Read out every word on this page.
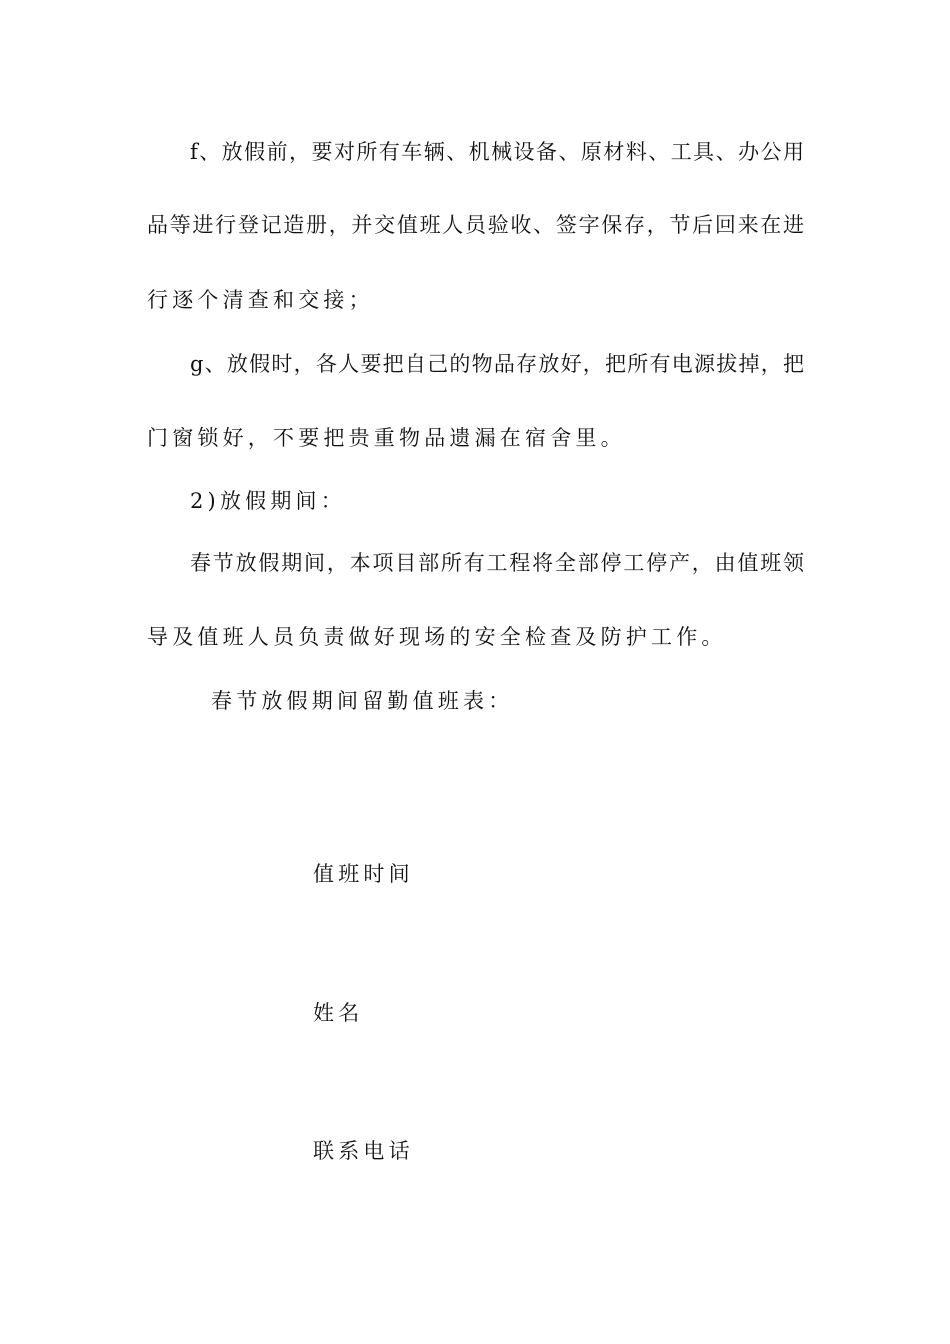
f、放假前，要对所有车辆、机械设备、原材料、工具、办公用
品等进行登记造册，并交值班人员验收、签字保存，节后回来在进
行逐个清查和交接；
g、放假时，各人要把自己的物品存放好，把所有电源拔掉，把
门窗锁好，不要把贵重物品遗漏在宿舍里。
2)放假期间：
春节放假期间，本项目部所有工程将全部停工停产，由值班领
导及值班人员负责做好现场的安全检查及防护工作。
春节放假期间留勤值班表：
值班时间
姓名
联系电话
